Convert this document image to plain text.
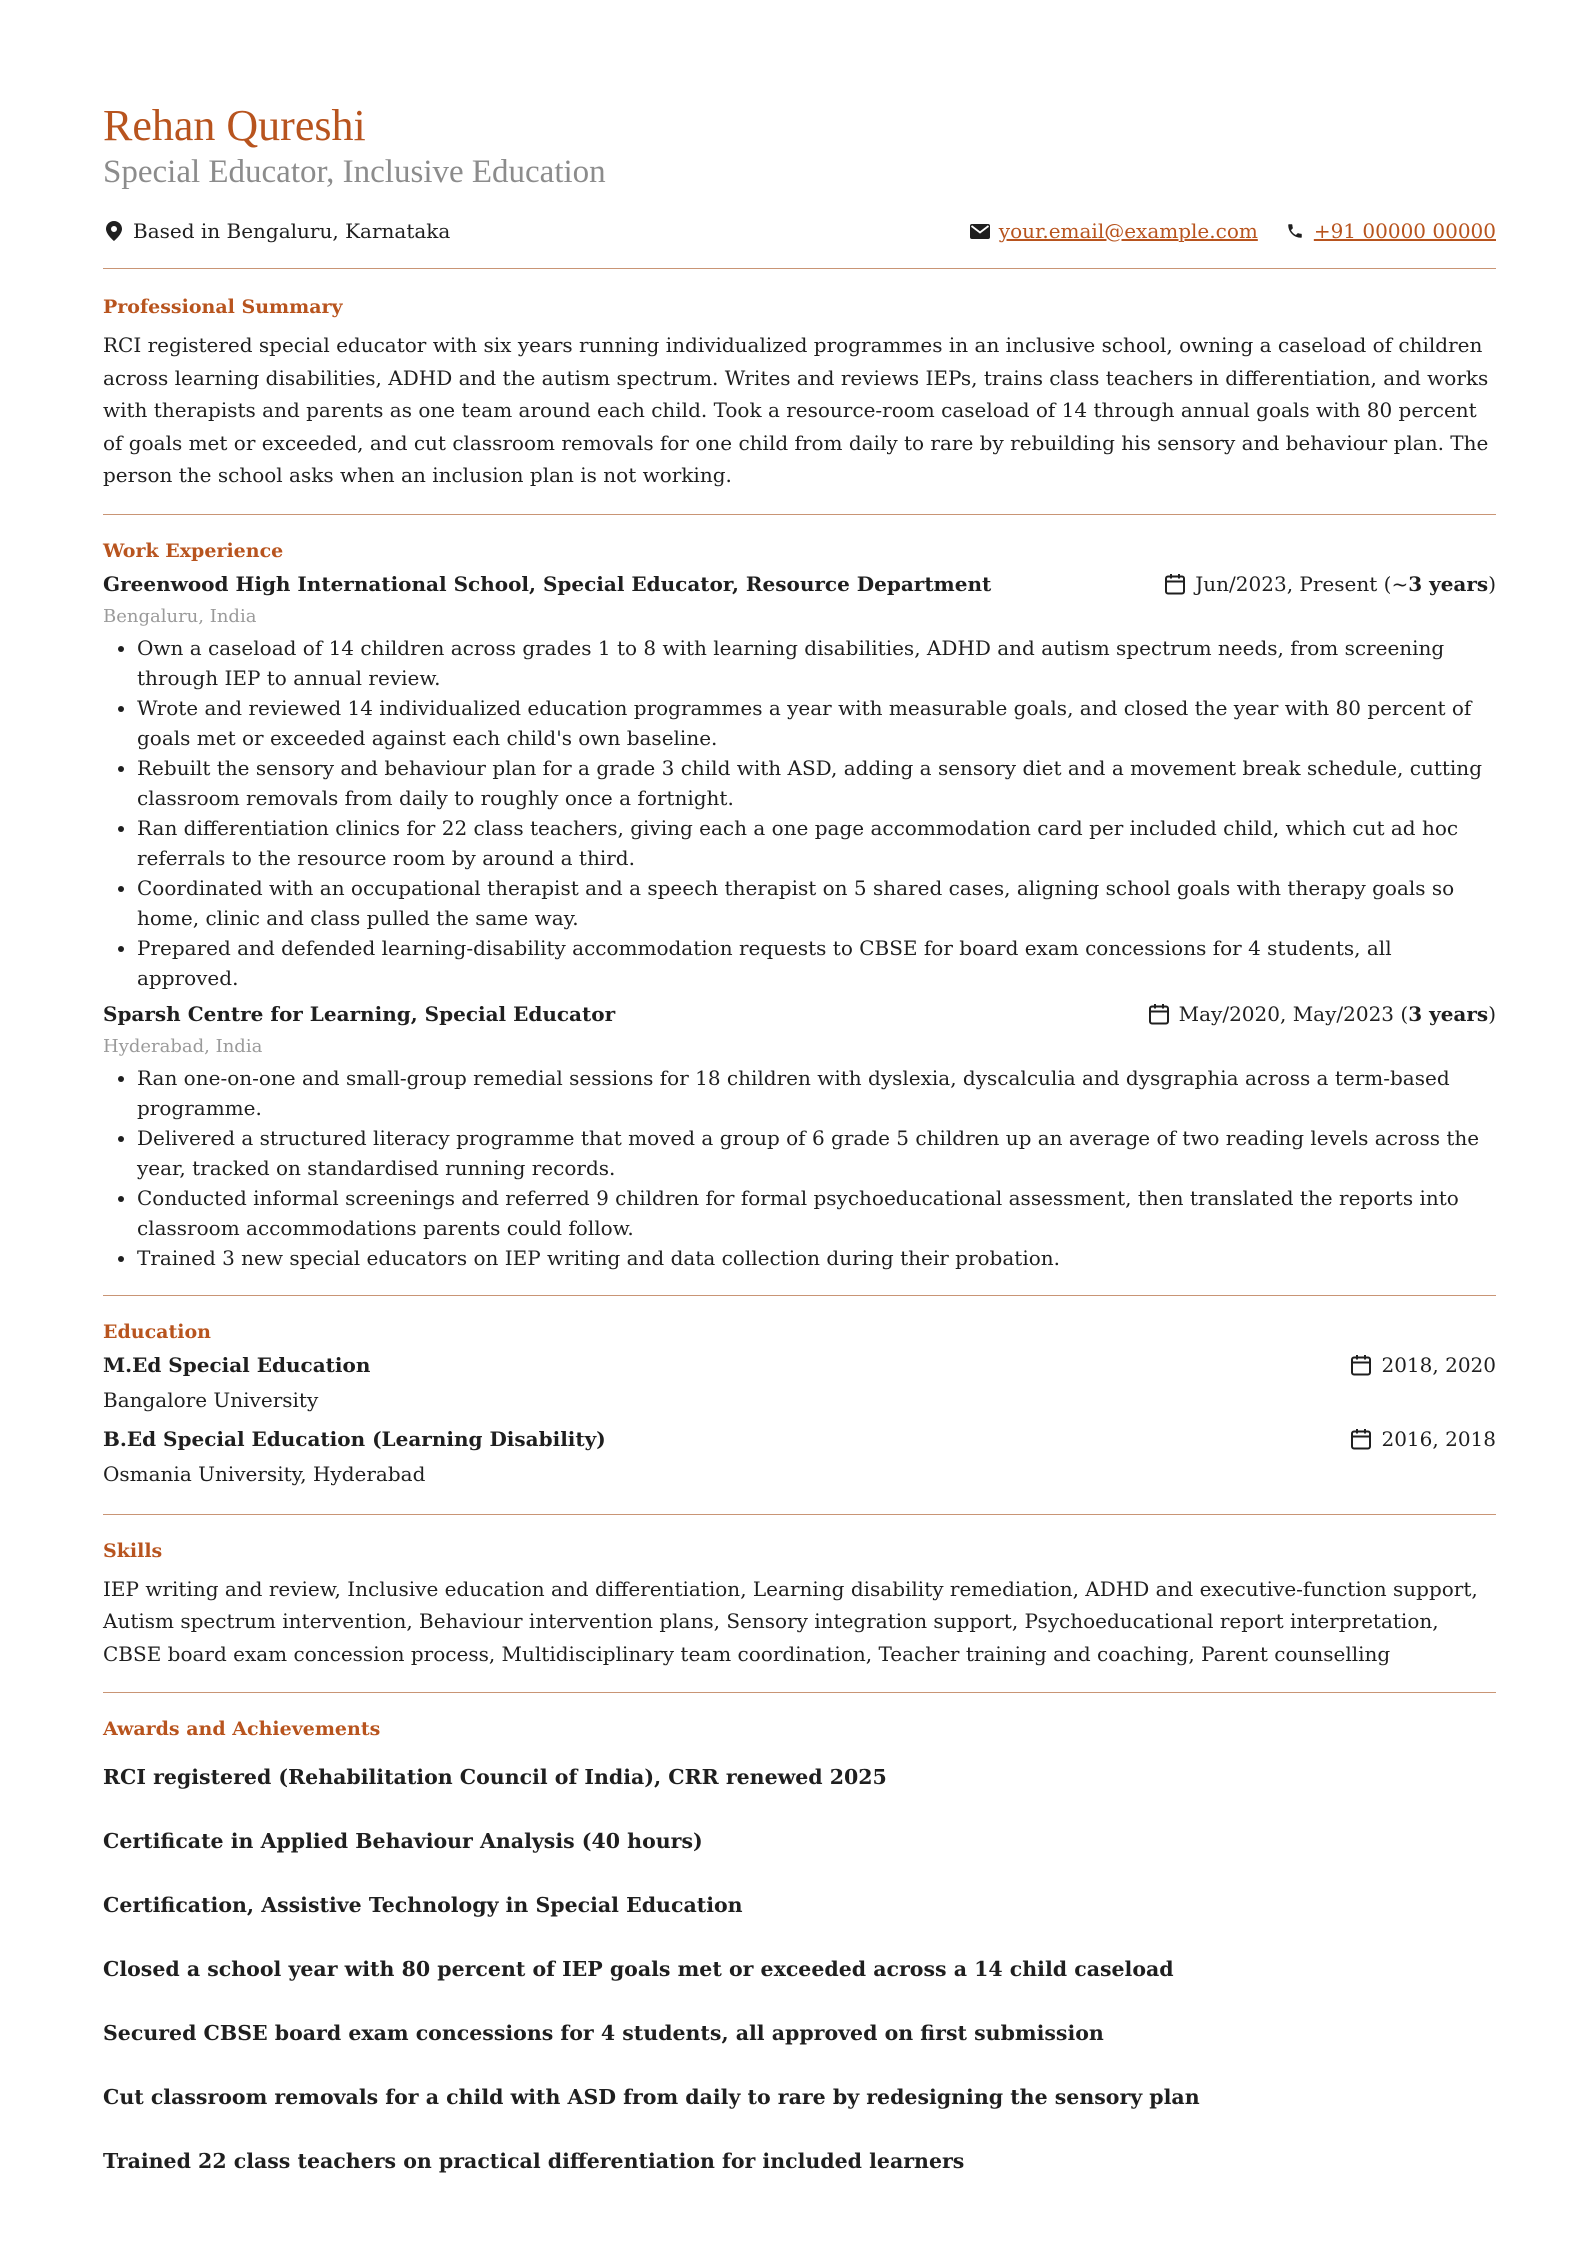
Rehan Qureshi

Special Educator, Inclusive Education

Based in Bengaluru, Karnataka	your.email@example.com	+91 00000 00000
Professional Summary

RCI registered special educator with six years running individualized programmes in an inclusive school, owning a caseload of children across learning disabilities, ADHD and the autism spectrum. Writes and reviews IEPs, trains class teachers in differentiation, and works with therapists and parents as one team around each child. Took a resource-room caseload of 14 through annual goals with 80 percent of goals met or exceeded, and cut classroom removals for one child from daily to rare by rebuilding his sensory and behaviour plan. The person the school asks when an inclusion plan is not working.

Work Experience
Greenwood High International School, Special Educator, Resource Department	Jun/2023, Present (~ 3 years )

Bengaluru, India

• Own a caseload of 14 children across grades 1 to 8 with learning disabilities, ADHD and autism spectrum needs, from screening through IEP to annual review.
• Wrote and reviewed 14 individualized education programmes a year with measurable goals, and closed the year with 80 percent of goals met or exceeded against each child's own baseline.
• Rebuilt the sensory and behaviour plan for a grade 3 child with ASD, adding a sensory diet and a movement break schedule, cutting classroom removals from daily to roughly once a fortnight.
• Ran differentiation clinics for 22 class teachers, giving each a one page accommodation card per included child, which cut ad hoc referrals to the resource room by around a third.
• Coordinated with an occupational therapist and a speech therapist on 5 shared cases, aligning school goals with therapy goals so home, clinic and class pulled the same way.
• Prepared and defended learning-disability accommodation requests to CBSE for board exam concessions for 4 students, all approved.
Sparsh Centre for Learning, Special Educator	May/2020, May/2023 ( 3 years )

Hyderabad, India

• Ran one-on-one and small-group remedial sessions for 18 children with dyslexia, dyscalculia and dysgraphia across a term-based programme.
• Delivered a structured literacy programme that moved a group of 6 grade 5 children up an average of two reading levels across the year, tracked on standardised running records.
• Conducted informal screenings and referred 9 children for formal psychoeducational assessment, then translated the reports into classroom accommodations parents could follow.
• Trained 3 new special educators on IEP writing and data collection during their probation.
Education
M.Ed Special Education	2018, 2020

Bangalore University

B.Ed Special Education (Learning Disability)	2016, 2018

Osmania University, Hyderabad

Skills

IEP writing and review, Inclusive education and differentiation, Learning disability remediation, ADHD and executive-function support, Autism spectrum intervention, Behaviour intervention plans, Sensory integration support, Psychoeducational report interpretation, CBSE board exam concession process, Multidisciplinary team coordination, Teacher training and coaching, Parent counselling

Awards and Achievements

RCI registered (Rehabilitation Council of India), CRR renewed 2025

Certificate in Applied Behaviour Analysis (40 hours)

Certification, Assistive Technology in Special Education

Closed a school year with 80 percent of IEP goals met or exceeded across a 14 child caseload

Secured CBSE board exam concessions for 4 students, all approved on first submission

Cut classroom removals for a child with ASD from daily to rare by redesigning the sensory plan

Trained 22 class teachers on practical differentiation for included learners
